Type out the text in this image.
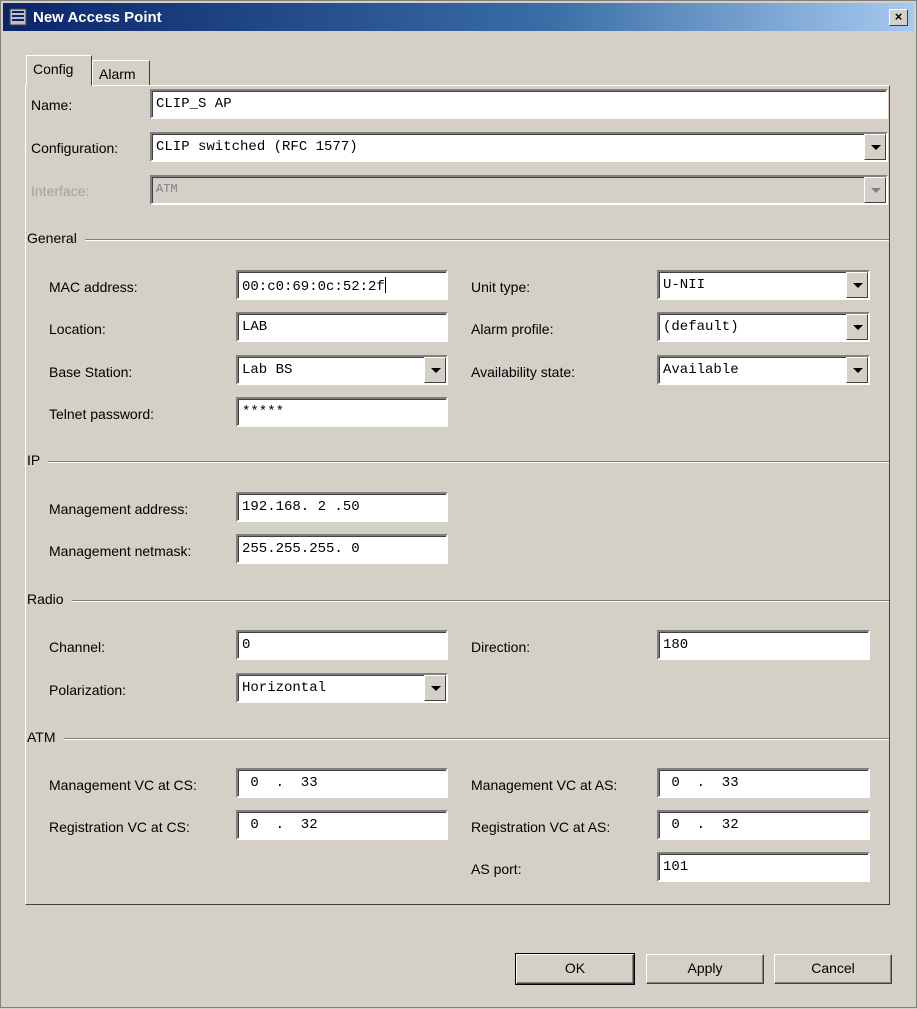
New Access Point	×
Config	Alarm
Name:	CLIP_S AP
Configuration:	CLIP switched (RFC 1577)
Interface:	ATM
General
MAC address:	00:c0:69:0c:52:2f
Location:	LAB
Base Station:	Lab BS
Telnet password:	*****
Unit type:	U-NII
Alarm profile:	(default)
Availability state:	Available
IP
Management address:	192.168. 2 .50
Management netmask:	255.255.255. 0
Radio
Channel:	0
Polarization:	Horizontal
Direction:	180
ATM
Management VC at CS:	0  .  33
Registration VC at CS:	0  .  32
Management VC at AS:	0  .  33
Registration VC at AS:	0  .  32
AS port:	101
OK	Apply	Cancel
